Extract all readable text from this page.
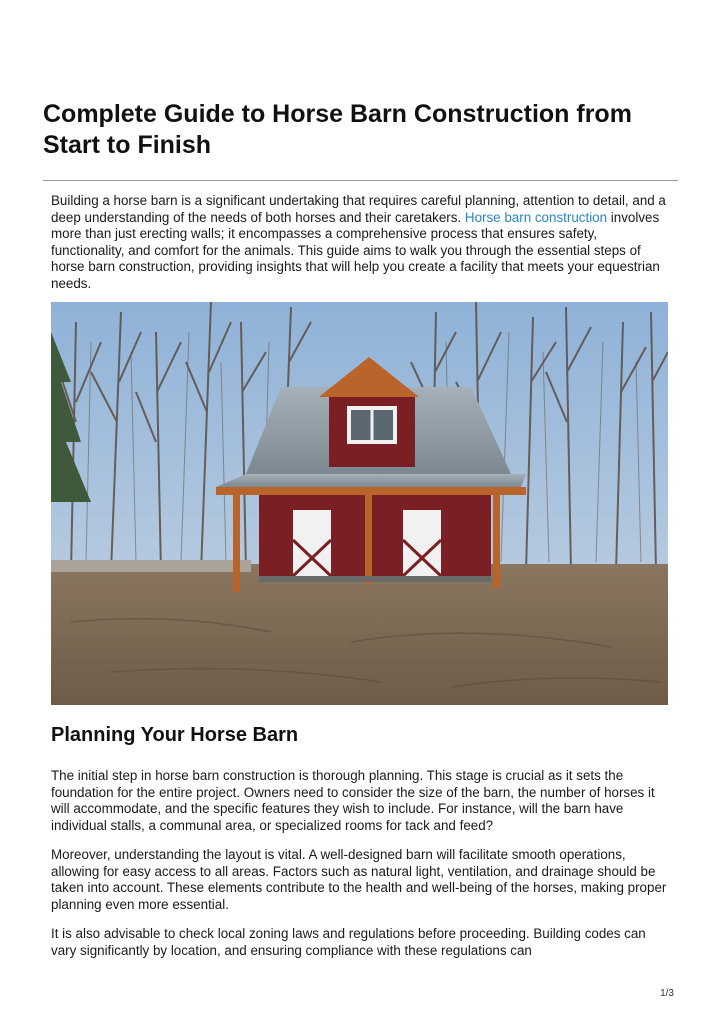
Complete Guide to Horse Barn Construction from Start to Finish

Building a horse barn is a significant undertaking that requires careful planning, attention to detail, and a deep understanding of the needs of both horses and their caretakers. Horse barn construction involves more than just erecting walls; it encompasses a comprehensive process that ensures safety, functionality, and comfort for the animals. This guide aims to walk you through the essential steps of horse barn construction, providing insights that will help you create a facility that meets your equestrian needs.

Planning Your Horse Barn

The initial step in horse barn construction is thorough planning. This stage is crucial as it sets the foundation for the entire project. Owners need to consider the size of the barn, the number of horses it will accommodate, and the specific features they wish to include. For instance, will the barn have individual stalls, a communal area, or specialized rooms for tack and feed?

Moreover, understanding the layout is vital. A well-designed barn will facilitate smooth operations, allowing for easy access to all areas. Factors such as natural light, ventilation, and drainage should be taken into account. These elements contribute to the health and well-being of the horses, making proper planning even more essential.

It is also advisable to check local zoning laws and regulations before proceeding. Building codes can vary significantly by location, and ensuring compliance with these regulations can

1/3
